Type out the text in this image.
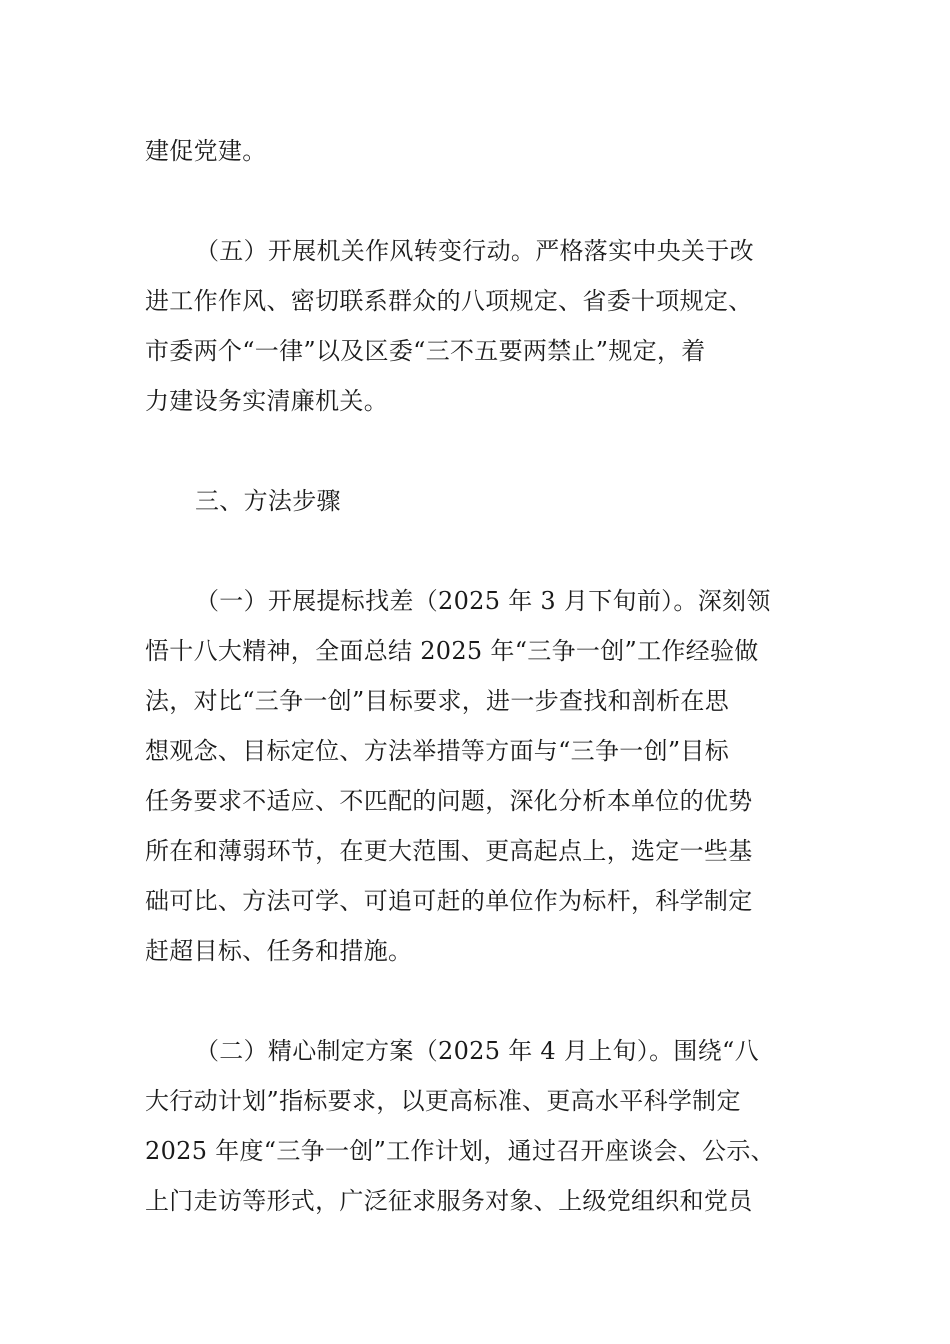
建促党建。
（五）开展机关作风转变行动。严格落实中央关于改
进工作作风、密切联系群众的八项规定、省委十项规定、
市委两个“一律”以及区委“三不五要两禁止”规定，着
力建设务实清廉机关。
三、方法步骤
（一）开展提标找差（2025 年 3 月下旬前）。深刻领
悟十八大精神，全面总结 2025 年“三争一创”工作经验做
法，对比“三争一创”目标要求，进一步查找和剖析在思
想观念、目标定位、方法举措等方面与“三争一创”目标
任务要求不适应、不匹配的问题，深化分析本单位的优势
所在和薄弱环节，在更大范围、更高起点上，选定一些基
础可比、方法可学、可追可赶的单位作为标杆，科学制定
赶超目标、任务和措施。
（二）精心制定方案（2025 年 4 月上旬）。围绕“八
大行动计划”指标要求，以更高标准、更高水平科学制定
2025 年度“三争一创”工作计划，通过召开座谈会、公示、
上门走访等形式，广泛征求服务对象、上级党组织和党员
